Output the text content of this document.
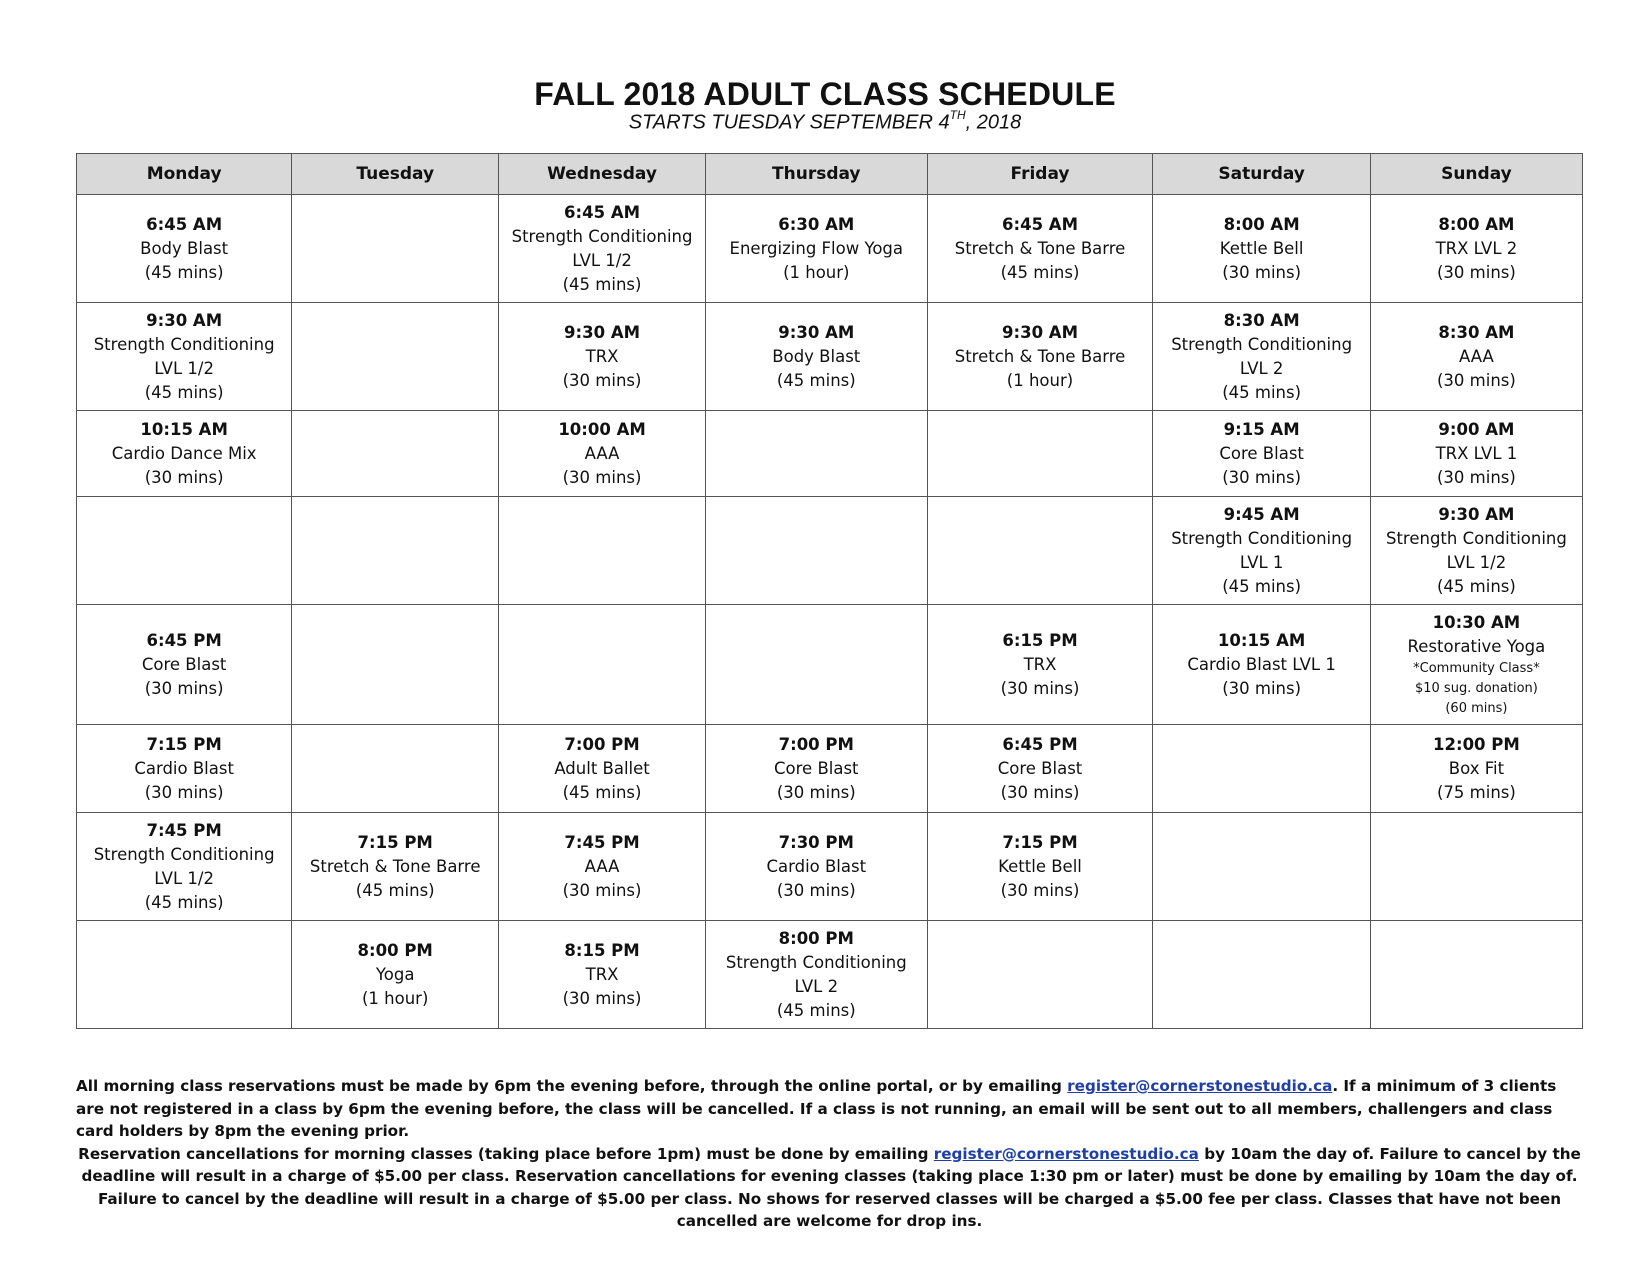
FALL 2018 ADULT CLASS SCHEDULE
STARTS TUESDAY SEPTEMBER 4TH, 2018
Monday	Tuesday	Wednesday	Thursday	Friday	Saturday	Sunday

6:45 AM
Body Blast
(45 mins)		6:45 AM
Strength Conditioning
LVL 1/2
(45 mins)	6:30 AM
Energizing Flow Yoga
(1 hour)	6:45 AM
Stretch & Tone Barre
(45 mins)	8:00 AM
Kettle Bell
(30 mins)	8:00 AM
TRX LVL 2
(30 mins)

9:30 AM
Strength Conditioning
LVL 1/2
(45 mins)		9:30 AM
TRX
(30 mins)	9:30 AM
Body Blast
(45 mins)	9:30 AM
Stretch & Tone Barre
(1 hour)	8:30 AM
Strength Conditioning
LVL 2
(45 mins)	8:30 AM
AAA
(30 mins)

10:15 AM
Cardio Dance Mix
(30 mins)		10:00 AM
AAA
(30 mins)			9:15 AM
Core Blast
(30 mins)	9:00 AM
TRX LVL 1
(30 mins)

					9:45 AM
Strength Conditioning
LVL 1
(45 mins)	9:30 AM
Strength Conditioning
LVL 1/2
(45 mins)

6:45 PM
Core Blast
(30 mins)				6:15 PM
TRX
(30 mins)	10:15 AM
Cardio Blast LVL 1
(30 mins)	10:30 AM
Restorative Yoga
*Community Class*
$10 sug. donation)
(60 mins)

7:15 PM
Cardio Blast
(30 mins)		7:00 PM
Adult Ballet
(45 mins)	7:00 PM
Core Blast
(30 mins)	6:45 PM
Core Blast
(30 mins)		12:00 PM
Box Fit
(75 mins)

7:45 PM
Strength Conditioning
LVL 1/2
(45 mins)	7:15 PM
Stretch & Tone Barre
(45 mins)	7:45 PM
AAA
(30 mins)	7:30 PM
Cardio Blast
(30 mins)	7:15 PM
Kettle Bell
(30 mins)		

	8:00 PM
Yoga
(1 hour)	8:15 PM
TRX
(30 mins)	8:00 PM
Strength Conditioning
LVL 2
(45 mins)			

All morning class reservations must be made by 6pm the evening before, through the online portal, or by emailing register@cornerstonestudio.ca. If a minimum of 3 clients are not registered in a class by 6pm the evening before, the class will be cancelled. If a class is not running, an email will be sent out to all members, challengers and class card holders by 8pm the evening prior.

Reservation cancellations for morning classes (taking place before 1pm) must be done by emailing register@cornerstonestudio.ca by 10am the day of. Failure to cancel by the deadline will result in a charge of $5.00 per class. Reservation cancellations for evening classes (taking place 1:30 pm or later) must be done by emailing by 10am the day of. Failure to cancel by the deadline will result in a charge of $5.00 per class. No shows for reserved classes will be charged a $5.00 fee per class. Classes that have not been cancelled are welcome for drop ins.
